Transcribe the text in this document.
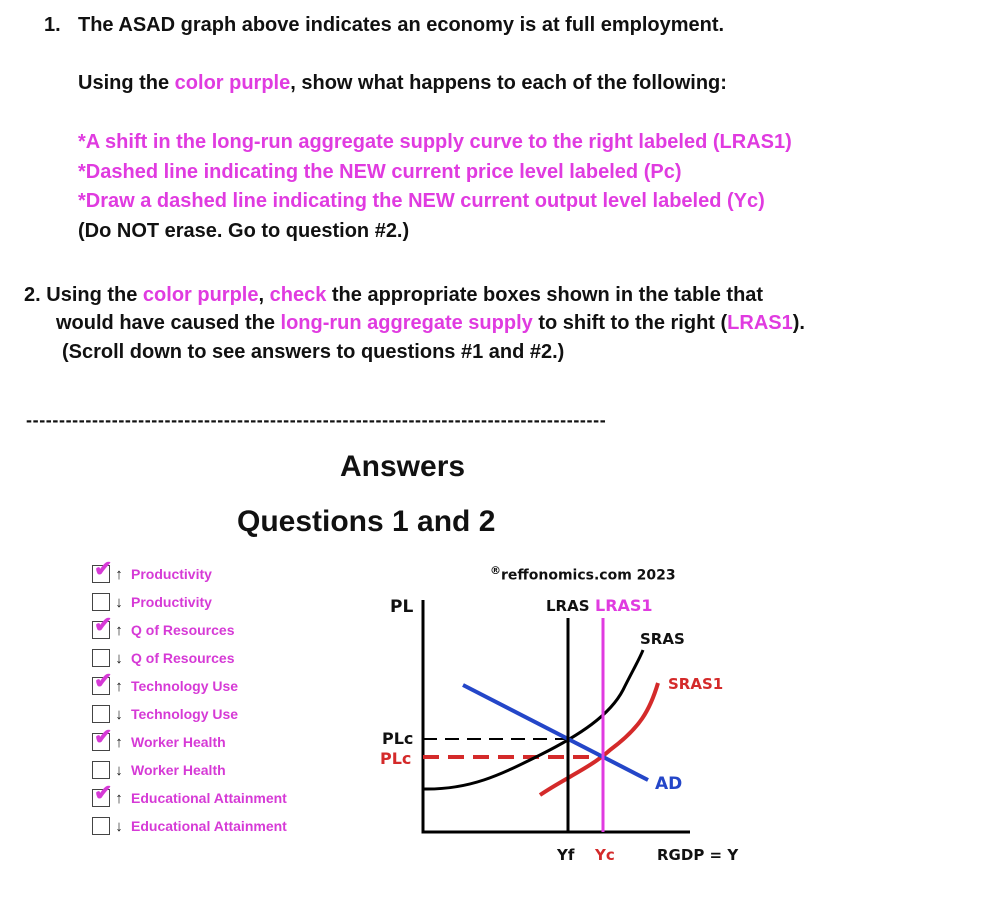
1. The ASAD graph above indicates an economy is at full employment.
Using the color purple, show what happens to each of the following:
*A shift in the long-run aggregate supply curve to the right labeled (LRAS1)
*Dashed line indicating the NEW current price level labeled (Pc)
*Draw a dashed line indicating the NEW current output level labeled (Yc)
(Do NOT erase. Go to question #2.)
2. Using the color purple, check the appropriate boxes shown in the table that
would have caused the long-run aggregate supply to shift to the right (LRAS1).
(Scroll down to see answers to questions #1 and #2.)
----------------------------------------------------------------------------------------
Answers
Questions 1 and 2
✔ ↑ Productivity
↓ Productivity
✔ ↑ Q of Resources
↓ Q of Resources
✔ ↑ Technology Use
↓ Technology Use
✔ ↑ Worker Health
↓ Worker Health
✔ ↑ Educational Attainment
↓ Educational Attainment
®reffonomics.com 2023
PL	LRAS LRAS1
SRAS
SRAS1
AD
PLc
PLc
Yf Yc	RGDP = Y
